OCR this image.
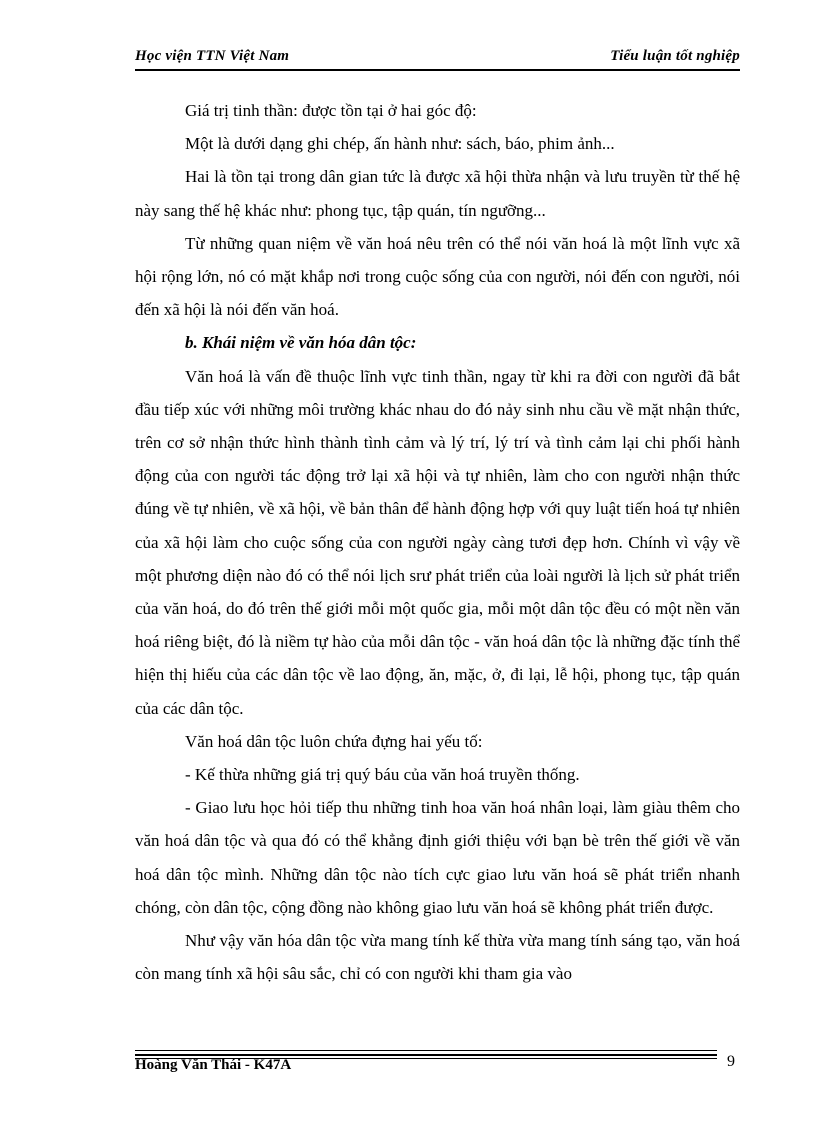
Học viện TTN Việt Nam	Tiểu luận tốt nghiệp

Giá trị tinh thần: được tồn tại ở hai góc độ:

Một là dưới dạng ghi chép, ấn hành như: sách, báo, phim ảnh...

Hai là tồn tại trong dân gian tức là được xã hội thừa nhận và lưu truyền từ thế hệ này sang thế hệ khác như: phong tục, tập quán, tín ngưỡng...

Từ những quan niệm về văn hoá nêu trên có thể nói văn hoá là một lĩnh vực xã hội rộng lớn, nó có mặt khắp nơi trong cuộc sống của con người, nói đến con người, nói đến xã hội là nói đến văn hoá.

b. Khái niệm về văn hóa dân tộc:

Văn hoá là vấn đề thuộc lĩnh vực tinh thần, ngay từ khi ra đời con người đã bắt đầu tiếp xúc với những môi trường khác nhau do đó nảy sinh nhu cầu về mặt nhận thức, trên cơ sở nhận thức hình thành tình cảm và lý trí, lý trí và tình cảm lại chi phối hành động của con người tác động trở lại xã hội và tự nhiên, làm cho con người nhận thức đúng về tự nhiên, về xã hội, về bản thân để hành động hợp với quy luật tiến hoá tự nhiên của xã hội làm cho cuộc sống của con người ngày càng tươi đẹp hơn. Chính vì vậy về một phương diện nào đó có thể nói lịch srư phát triển của loài người là lịch sử phát triển của văn hoá, do đó trên thế giới mỗi một quốc gia, mỗi một dân tộc đều có một nền văn hoá riêng biệt, đó là niềm tự hào của mỗi dân tộc - văn hoá dân tộc là những đặc tính thể hiện thị hiếu của các dân tộc về lao động, ăn, mặc, ở, đi lại, lễ hội, phong tục, tập quán của các dân tộc.

Văn hoá dân tộc luôn chứa đựng hai yếu tố:

- Kế thừa những giá trị quý báu của văn hoá truyền thống.

- Giao lưu học hỏi tiếp thu những tinh hoa văn hoá nhân loại, làm giàu thêm cho văn hoá dân tộc và qua đó có thể khẳng định giới thiệu với bạn bè trên thế giới về văn hoá dân tộc mình. Những dân tộc nào tích cực giao lưu văn hoá sẽ phát triển nhanh chóng, còn dân tộc, cộng đồng nào không giao lưu văn hoá sẽ không phát triển được.

Như vậy văn hóa dân tộc vừa mang tính kế thừa vừa mang tính sáng tạo, văn hoá còn mang tính xã hội sâu sắc, chỉ có con người khi tham gia vào

Hoàng Văn Thái - K47A	9
